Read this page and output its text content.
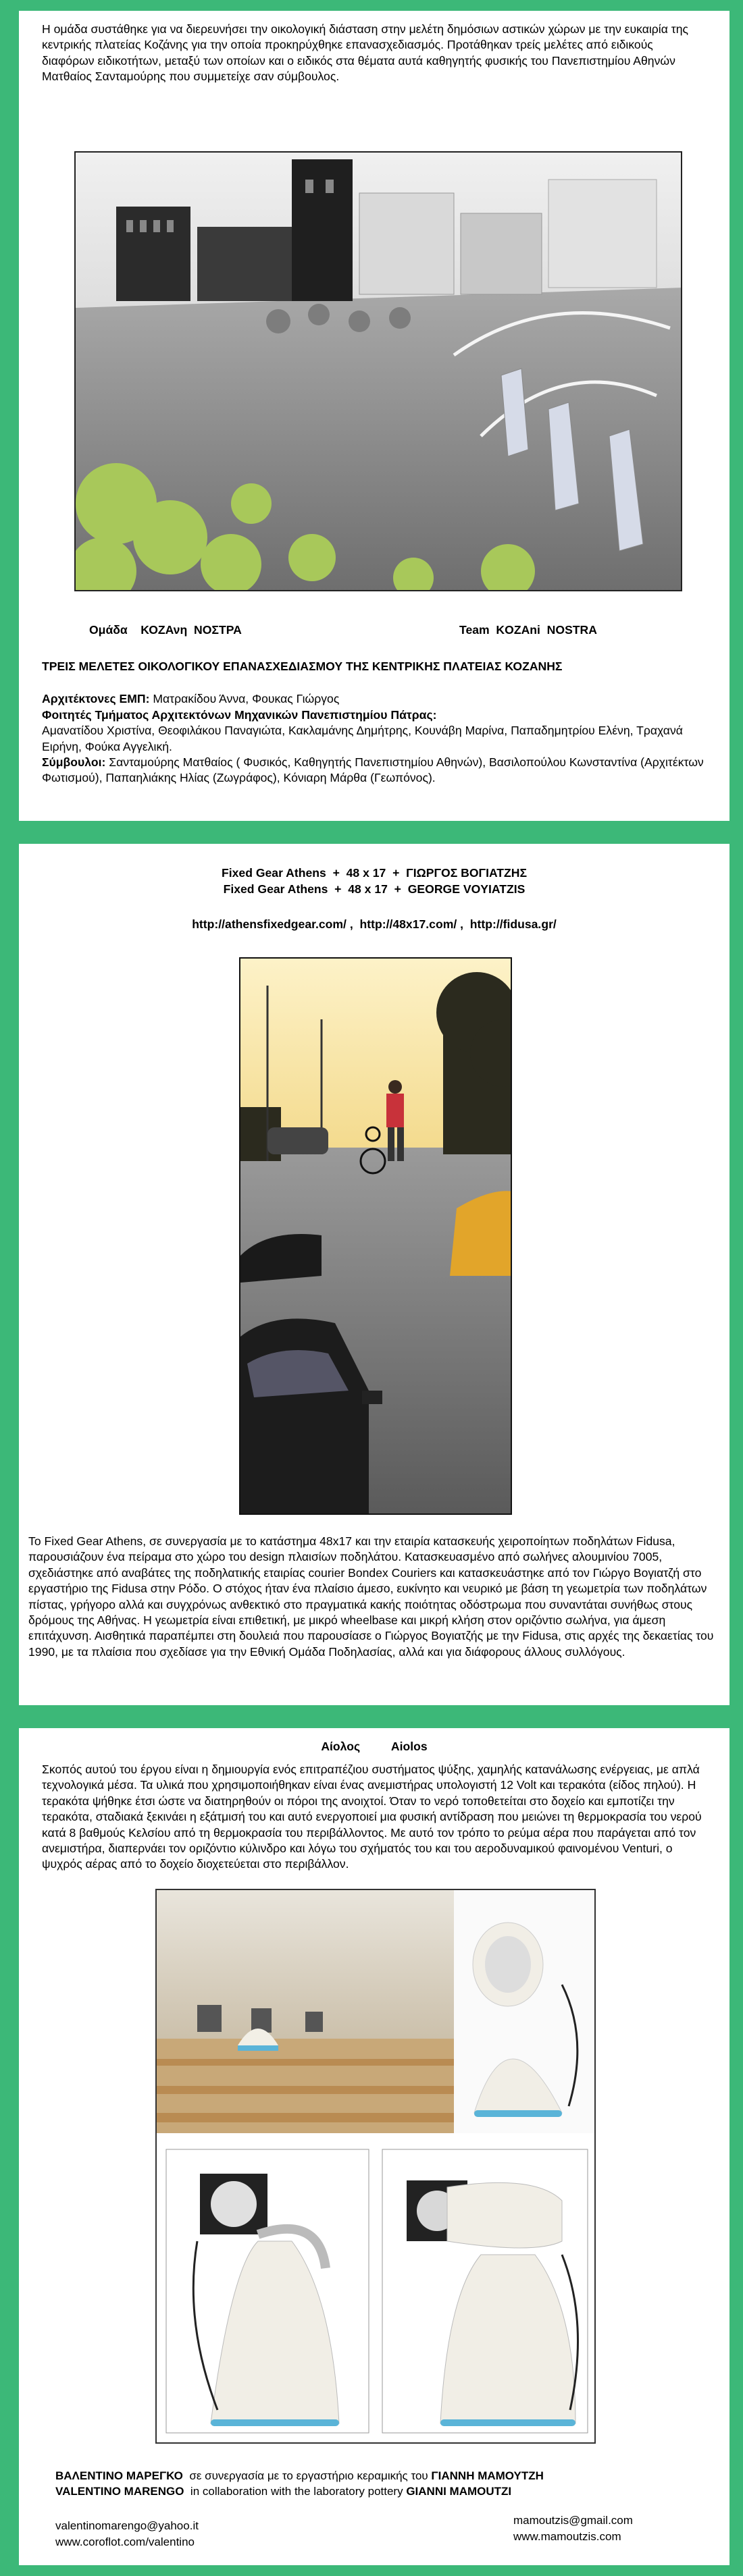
Η ομάδα συστάθηκε για να διερευνήσει την οικολογική διάσταση στην μελέτη δημόσιων αστικών χώρων με την ευκαιρία της κεντρικής πλατείας Κοζάνης για την οποία προκηρύχθηκε επανασχεδιασμός. Προτάθηκαν τρείς μελέτες από ειδικούς διαφόρων ειδικοτήτων, μεταξύ των οποίων και ο ειδικός στα θέματα αυτά καθηγητής φυσικής του Πανεπιστημίου Αθηνών Ματθαίος Σανταμούρης που συμμετείχε σαν σύμβουλος.
Ομάδα    ΚΟΖΑνη  ΝΟΣΤΡΑ	Team  KOZAni  NOSTRA
ΤΡΕΙΣ ΜΕΛΕΤΕΣ ΟΙΚΟΛΟΓΙΚΟΥ ΕΠΑΝΑΣΧΕΔΙΑΣΜΟΥ ΤΗΣ ΚΕΝΤΡΙΚΗΣ ΠΛΑΤΕΙΑΣ ΚΟΖΑΝΗΣ
Αρχιτέκτονες ΕΜΠ: Ματρακίδου Άννα, Φουκας Γιώργος
Φοιτητές Τμήματος Αρχιτεκτόνων Μηχανικών Πανεπιστημίου Πάτρας:
Αμανατίδου Χριστίνα, Θεοφιλάκου Παναγιώτα, Κακλαμάνης Δημήτρης, Κουνάβη Μαρίνα, Παπαδημητρίου Ελένη, Τραχανά Ειρήνη, Φούκα Αγγελική.
Σύμβουλοι: Σανταμούρης Ματθαίος ( Φυσικός, Καθηγητής Πανεπιστημίου Αθηνών), Βασιλοπούλου Κωνσταντίνα (Αρχιτέκτων Φωτισμού), Παπαηλιάκης Ηλίας (Ζωγράφος), Κόνιαρη Μάρθα (Γεωπόνος).
Fixed Gear Athens  +  48 x 17  +  ΓΙΩΡΓΟΣ ΒΟΓΙΑΤΖΗΣ
Fixed Gear Athens  +  48 x 17  +  GEORGE VOYIATZIS
http://athensfixedgear.com/ ,  http://48x17.com/ ,  http://fidusa.gr/
Το Fixed Gear Athens, σε συνεργασία με το κατάστημα 48x17 και την εταιρία κατασκευής χειροποίητων πoδηλάτων Fidusa, παρουσιάζουν ένα πείραμα στο χώρο του design πλαισίων ποδηλάτου. Κατασκευασμένο από σωλήνες αλουμινίου 7005, σχεδιάστηκε από αναβάτες της ποδηλατικής εταιρίας courier Bondex Couriers και κατασκευάστηκε από τον Γιώργο Βογιατζή στο εργαστήριο της Fidusa στην Ρόδο. Ο στόχος ήταν ένα πλαίσιο άμεσο, ευκίνητο και νευρικό με βάση τη γεωμετρία των ποδηλάτων πίστας, γρήγορο αλλά και συγχρόνως ανθεκτικό στο πραγματικά κακής ποιότητας οδόστρωμα που συναντάται συνήθως στους δρόμους της Αθήνας. Η γεωμετρία είναι επιθετική, με μικρό wheelbase και μικρή κλήση στον οριζόντιο σωλήνα, για άμεση επιτάχυνση. Αισθητικά παραπέμπει στη δουλειά που παρουσίασε ο Γιώργος Βογιατζής με την Fidusa, στις αρχές της δεκαετίας του 1990, με τα πλαίσια που σχεδίασε για την Εθνική Ομάδα Ποδηλασίας, αλλά και για διάφορους άλλους συλλόγους.
Αίολος	Aiolos
Σκοπός αυτού του έργου είναι η δημιουργία ενός επιτραπέζιου συστήματος ψύξης, χαμηλής κατανάλωσης ενέργειας, με απλά τεχνολογικά μέσα. Τα υλικά που χρησιμοποιήθηκαν είναι ένας ανεμιστήρας υπολογιστή 12 Volt και τερακότα (είδος πηλού). Η τερακότα ψήθηκε έτσι ώστε να διατηρηθούν οι πόροι της ανοιχτοί. Όταν το νερό τοποθετείται στο δοχείο και εμποτίζει την τερακότα, σταδιακά ξεκινάει η εξάτμισή του και αυτό ενεργοποιεί μια φυσική αντίδραση που μειώνει τη θερμοκρασία του νερού κατά 8 βαθμούς Κελσίου από τη θερμοκρασία του περιβάλλοντος. Με αυτό τον τρόπο το ρεύμα αέρα που παράγεται από τον ανεμιστήρα, διαπερνάει τον οριζόντιο κύλινδρο και λόγω του σχήματός του και του αεροδυναμικού φαινομένου Venturi, ο ψυχρός αέρας από το δοχείο διοχετεύεται στο περιβάλλον.
ΒΑΛΕΝΤΙΝΟ ΜΑΡΕΓΚΟ  σε συνεργασία με το εργαστήριο κεραμικής του ΓΙΑΝΝΗ ΜΑΜΟΥΤΖΗ
VALENTINO MARENGO  in collaboration with the laboratory pottery GIANNI MAMOUTZI
valentinomarengo@yahoo.it
www.coroflot.com/valentino
mamoutzis@gmail.com
www.mamoutzis.com
